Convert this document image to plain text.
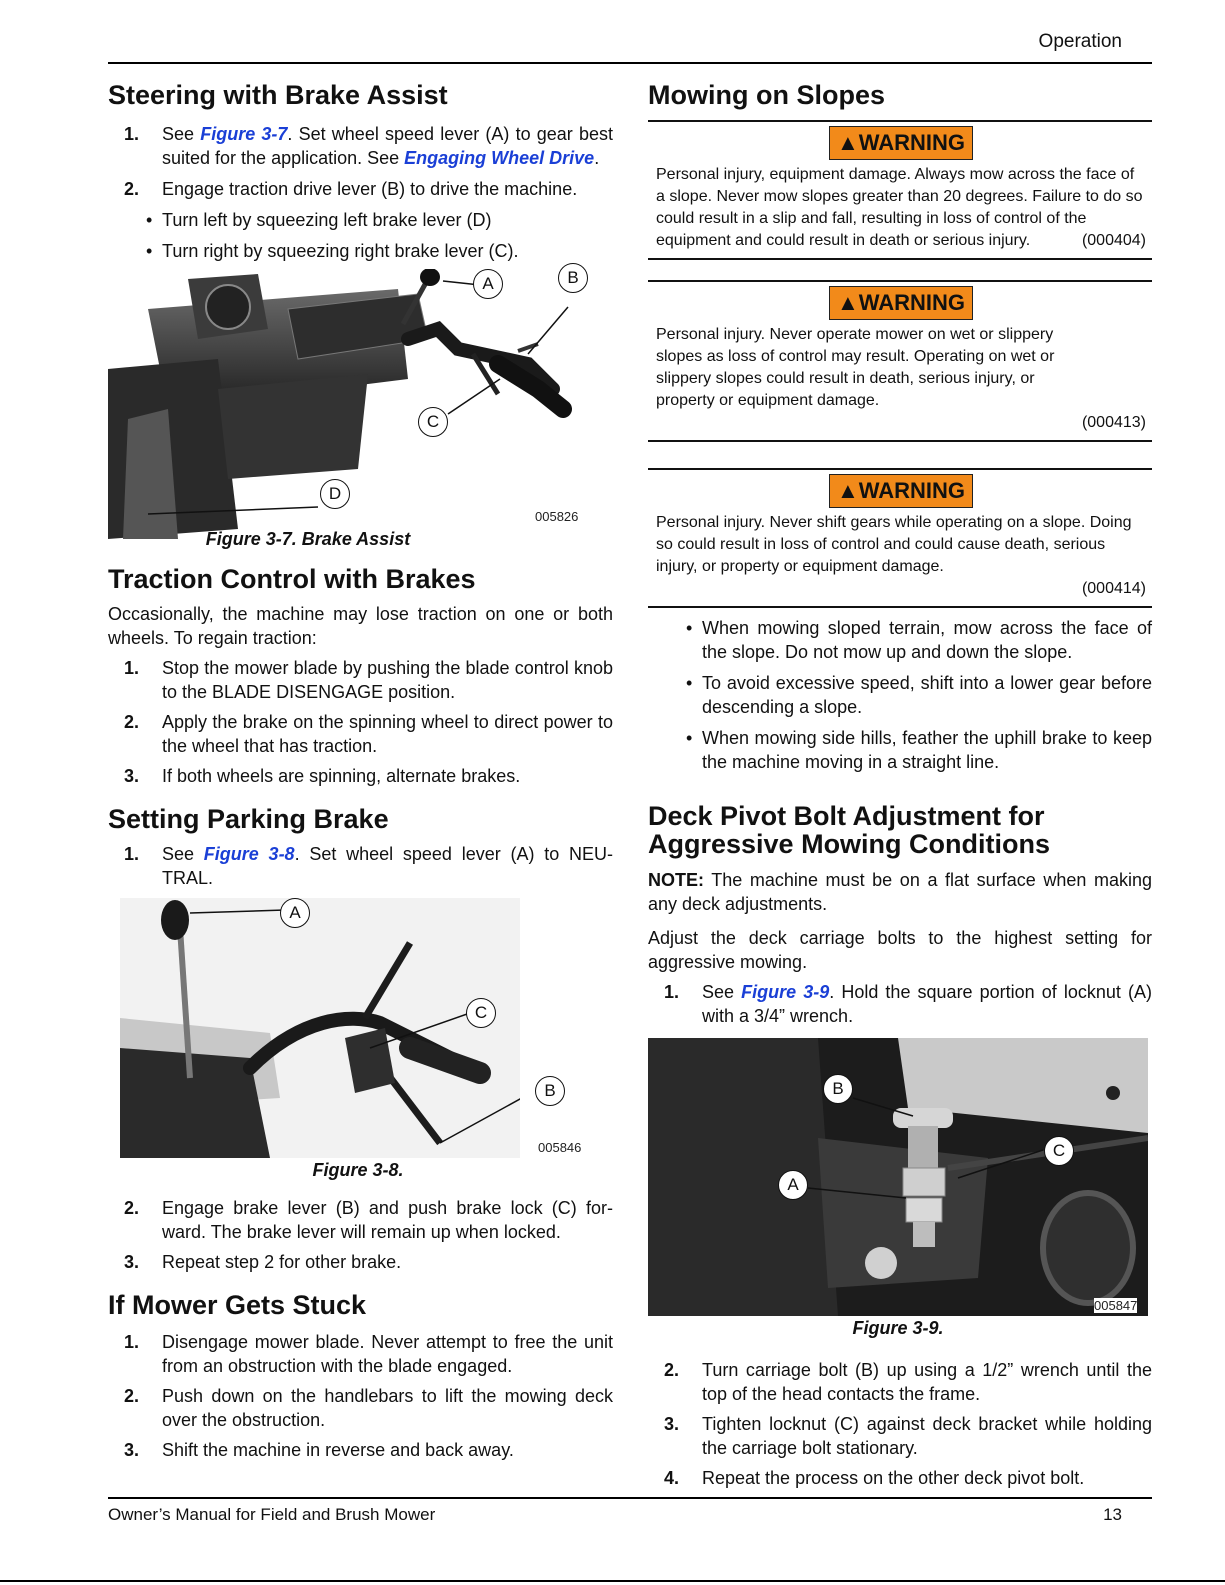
Operation
Steering with Brake Assist
1. See Figure 3-7. Set wheel speed lever (A) to gear best suited for the application. See Engaging Wheel Drive.
2. Engage traction drive lever (B) to drive the machine.
• Turn left by squeezing left brake lever (D)
• Turn right by squeezing right brake lever (C).
A	B
C
D
005826
Figure 3-7. Brake Assist
Traction Control with Brakes
Occasionally, the machine may lose traction on one or both wheels. To regain traction:
1. Stop the mower blade by pushing the blade control knob to the BLADE DISENGAGE position.
2. Apply the brake on the spinning wheel to direct power to the wheel that has traction.
3. If both wheels are spinning, alternate brakes.
Setting Parking Brake
1. See Figure 3-8. Set wheel speed lever (A) to NEU-TRAL.
A
B
C
005846
Figure 3-8.
2. Engage brake lever (B) and push brake lock (C) for-ward. The brake lever will remain up when locked.
3. Repeat step 2 for other brake.
If Mower Gets Stuck
1. Disengage mower blade. Never attempt to free the unit from an obstruction with the blade engaged.
2. Push down on the handlebars to lift the mowing deck over the obstruction.
3. Shift the machine in reverse and back away.
Mowing on Slopes
▲ WARNING
Personal injury, equipment damage. Always mow across the face of a slope. Never mow slopes greater than 20 degrees. Failure to do so could result in a slip and fall, resulting in loss of control of the equipment and could result in death or serious injury.	(000404)
▲ WARNING
Personal injury. Never operate mower on wet or slippery slopes as loss of control may result. Operating on wet or slippery slopes could result in death, serious injury, or property or equipment damage.
(000413)
▲ WARNING
Personal injury. Never shift gears while operating on a slope. Doing so could result in loss of control and could cause death, serious injury, or property or equipment damage.
(000414)
• When mowing sloped terrain, mow across the face of the slope. Do not mow up and down the slope.
• To avoid excessive speed, shift into a lower gear before descending a slope.
• When mowing side hills, feather the uphill brake to keep the machine moving in a straight line.
Deck Pivot Bolt Adjustment for
Aggressive Mowing Conditions
NOTE: The machine must be on a flat surface when making any deck adjustments.
Adjust the deck carriage bolts to the highest setting for aggressive mowing.
1. See Figure 3-9. Hold the square portion of locknut (A) with a 3/4” wrench.
B
A
C
005847
Figure 3-9.
2. Turn carriage bolt (B) up using a 1/2” wrench until the top of the head contacts the frame.
3. Tighten locknut (C) against deck bracket while holding the carriage bolt stationary.
4. Repeat the process on the other deck pivot bolt.
Owner’s Manual for Field and Brush Mower	13
